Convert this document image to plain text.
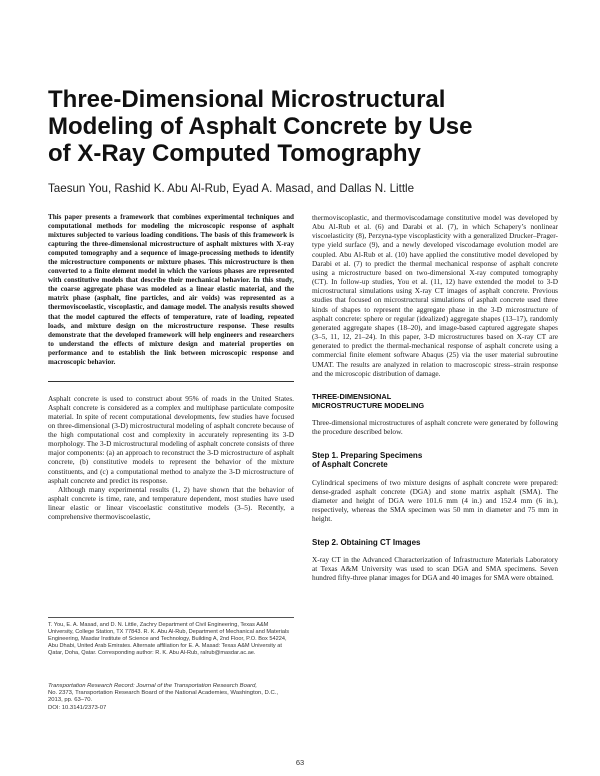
Three-Dimensional Microstructural Modeling of Asphalt Concrete by Use of X-Ray Computed Tomography
Taesun You, Rashid K. Abu Al-Rub, Eyad A. Masad, and Dallas N. Little

This paper presents a framework that combines experimental techniques and computational methods for modeling the microscopic response of asphalt mixtures subjected to various loading conditions. The basis of this framework is capturing the three-dimensional microstructure of asphalt mixtures with X-ray computed tomography and a sequence of image-processing methods to identify the microstructure components or mixture phases. This microstructure is then converted to a finite element model in which the various phases are represented with constitutive models that describe their mechanical behavior. In this study, the coarse aggregate phase was modeled as a linear elastic material, and the matrix phase (asphalt, fine particles, and air voids) was represented as a thermoviscoelastic, viscoplastic, and damage model. The analysis results showed that the model captured the effects of temperature, rate of loading, repeated loads, and mixture design on the microstructure response. These results demonstrate that the developed framework will help engineers and researchers to understand the effects of mixture design and material properties on performance and to establish the link between microscopic response and macroscopic behavior.

Asphalt concrete is used to construct about 95% of roads in the United States. Asphalt concrete is considered as a complex and multiphase particulate composite material. In spite of recent computational developments, few studies have focused on three-dimensional (3-D) microstructural modeling of asphalt concrete because of the high computational cost and complexity in accurately representing its 3-D morphology. The 3-D microstructural modeling of asphalt concrete consists of three major components: (a) an approach to reconstruct the 3-D microstructure of asphalt concrete, (b) constitutive models to represent the behavior of the mixture constituents, and (c) a computational method to analyze the 3-D microstructure of asphalt concrete and predict its response.

Although many experimental results (1, 2) have shown that the behavior of asphalt concrete is time, rate, and temperature dependent, most studies have used linear elastic or linear viscoelastic constitutive models (3–5). Recently, a comprehensive thermoviscoelastic,

T. You, E. A. Masad, and D. N. Little, Zachry Department of Civil Engineering, Texas A&M University, College Station, TX 77843. R. K. Abu Al-Rub, Department of Mechanical and Materials Engineering, Masdar Institute of Science and Technology, Building A, 2nd Floor, P.O. Box 54224, Abu Dhabi, United Arab Emirates. Alternate affiliation for E. A. Masad: Texas A&M University at Qatar, Doha, Qatar. Corresponding author: R. K. Abu Al-Rub, ralrub@masdar.ac.ae.

Transportation Research Record: Journal of the Transportation Research Board,

No. 2373, Transportation Research Board of the National Academies, Washington, D.C., 2013, pp. 63–70.

DOI: 10.3141/2373-07

thermoviscoplastic, and thermoviscodamage constitutive model was developed by Abu Al-Rub et al. (6) and Darabi et al. (7), in which Schapery’s nonlinear viscoelasticity (8), Perzyna-type viscoplasticity with a generalized Drucker–Prager-type yield surface (9), and a newly developed viscodamage evolution model are coupled. Abu Al-Rub et al. (10) have applied the constitutive model developed by Darabi et al. (7) to predict the thermal mechanical response of asphalt concrete using a microstructure based on two-dimensional X-ray computed tomography (CT). In follow-up studies, You et al. (11, 12) have extended the model to 3-D microstructural simulations using X-ray CT images of asphalt concrete. Previous studies that focused on microstructural simulations of asphalt concrete used three kinds of shapes to represent the aggregate phase in the 3-D microstructure of asphalt concrete: sphere or regular (idealized) aggregate shapes (13–17), randomly generated aggregate shapes (18–20), and image-based captured aggregate shapes (3–5, 11, 12, 21–24). In this paper, 3-D microstructures based on X-ray CT are generated to predict the thermal-mechanical response of asphalt concrete using a commercial finite element software Abaqus (25) via the user material subroutine UMAT. The results are analyzed in relation to macroscopic stress–strain response and the microscopic distribution of damage.

THREE-DIMENSIONAL
MICROSTRUCTURE MODELING

Three-dimensional microstructures of asphalt concrete were generated by following the procedure described below.

Step 1. Preparing Specimens
of Asphalt Concrete

Cylindrical specimens of two mixture designs of asphalt concrete were prepared: dense-graded asphalt concrete (DGA) and stone matrix asphalt (SMA). The diameter and height of DGA were 101.6 mm (4 in.) and 152.4 mm (6 in.), respectively, whereas the SMA specimen was 50 mm in diameter and 75 mm in height.

Step 2. Obtaining CT Images

X-ray CT in the Advanced Characterization of Infrastructure Materials Laboratory at Texas A&M University was used to scan DGA and SMA specimens. Seven hundred fifty-three planar images for DGA and 40 images for SMA were obtained.

63
